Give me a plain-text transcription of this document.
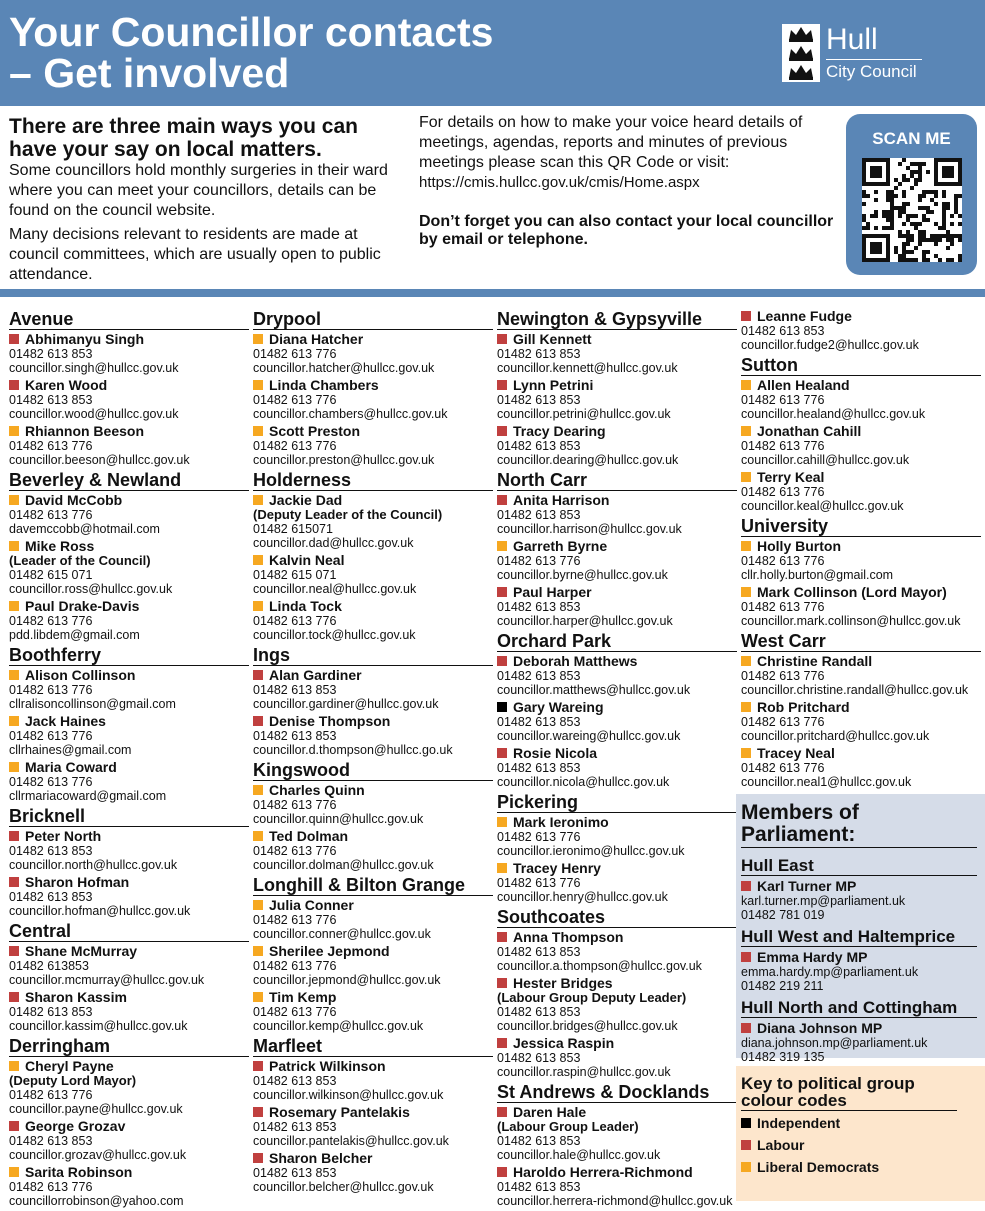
Your Councillor contacts
– Get involved
Hull
City Council
There are three main ways you can have your say on local matters.

Some councillors hold monthly surgeries in their ward where you can meet your councillors, details can be found on the council website.

Many decisions relevant to residents are made at council committees, which are usually open to public attendance.

For details on how to make your voice heard details of meetings, agendas, reports and minutes of previous meetings please scan this QR Code or visit:

https://cmis.hullcc.gov.uk/cmis/Home.aspx

Don’t forget you can also contact your local councillor by email or telephone.

SCAN ME
Avenue
Abhimanyu Singh
01482 613 853
councillor.singh@hullcc.gov.uk
Karen Wood
01482 613 853
councillor.wood@hullcc.gov.uk
Rhiannon Beeson
01482 613 776
councillor.beeson@hullcc.gov.uk
Beverley & Newland
David McCobb
01482 613 776
davemccobb@hotmail.com
Mike Ross
(Leader of the Council)
01482 615 071
councillor.ross@hullcc.gov.uk
Paul Drake-Davis
01482 613 776
pdd.libdem@gmail.com
Boothferry
Alison Collinson
01482 613 776
cllralisoncollinson@gmail.com
Jack Haines
01482 613 776
cllrhaines@gmail.com
Maria Coward
01482 613 776
cllrmariacoward@gmail.com
Bricknell
Peter North
01482 613 853
councillor.north@hullcc.gov.uk
Sharon Hofman
01482 613 853
councillor.hofman@hullcc.gov.uk
Central
Shane McMurray
01482 613853
councillor.mcmurray@hullcc.gov.uk
Sharon Kassim
01482 613 853
councillor.kassim@hullcc.gov.uk
Derringham
Cheryl Payne
(Deputy Lord Mayor)
01482 613 776
councillor.payne@hullcc.gov.uk
George Grozav
01482 613 853
councillor.grozav@hullcc.gov.uk
Sarita Robinson
01482 613 776
councillorrobinson@yahoo.com
Drypool
Diana Hatcher
01482 613 776
councillor.hatcher@hullcc.gov.uk
Linda Chambers
01482 613 776
councillor.chambers@hullcc.gov.uk
Scott Preston
01482 613 776
councillor.preston@hullcc.gov.uk
Holderness
Jackie Dad
(Deputy Leader of the Council)
01482 615071
councillor.dad@hullcc.gov.uk
Kalvin Neal
01482 615 071
councillor.neal@hullcc.gov.uk
Linda Tock
01482 613 776
councillor.tock@hullcc.gov.uk
Ings
Alan Gardiner
01482 613 853
councillor.gardiner@hullcc.gov.uk
Denise Thompson
01482 613 853
councillor.d.thompson@hullcc.go.uk
Kingswood
Charles Quinn
01482 613 776
councillor.quinn@hullcc.gov.uk
Ted Dolman
01482 613 776
councillor.dolman@hullcc.gov.uk
Longhill & Bilton Grange
Julia Conner
01482 613 776
councillor.conner@hullcc.gov.uk
Sherilee Jepmond
01482 613 776
councillor.jepmond@hullcc.gov.uk
Tim Kemp
01482 613 776
councillor.kemp@hullcc.gov.uk
Marfleet
Patrick Wilkinson
01482 613 853
councillor.wilkinson@hullcc.gov.uk
Rosemary Pantelakis
01482 613 853
councillor.pantelakis@hullcc.gov.uk
Sharon Belcher
01482 613 853
councillor.belcher@hullcc.gov.uk
Newington & Gypsyville
Gill Kennett
01482 613 853
councillor.kennett@hullcc.gov.uk
Lynn Petrini
01482 613 853
councillor.petrini@hullcc.gov.uk
Tracy Dearing
01482 613 853
councillor.dearing@hullcc.gov.uk
North Carr
Anita Harrison
01482 613 853
councillor.harrison@hullcc.gov.uk
Garreth Byrne
01482 613 776
councillor.byrne@hullcc.gov.uk
Paul Harper
01482 613 853
councillor.harper@hullcc.gov.uk
Orchard Park
Deborah Matthews
01482 613 853
councillor.matthews@hullcc.gov.uk
Gary Wareing
01482 613 853
councillor.wareing@hullcc.gov.uk
Rosie Nicola
01482 613 853
councillor.nicola@hullcc.gov.uk
Pickering
Mark Ieronimo
01482 613 776
councillor.ieronimo@hullcc.gov.uk
Tracey Henry
01482 613 776
councillor.henry@hullcc.gov.uk
Southcoates
Anna Thompson
01482 613 853
councillor.a.thompson@hullcc.gov.uk
Hester Bridges
(Labour Group Deputy Leader)
01482 613 853
councillor.bridges@hullcc.gov.uk
Jessica Raspin
01482 613 853
councillor.raspin@hullcc.gov.uk
St Andrews & Docklands
Daren Hale
(Labour Group Leader)
01482 613 853
councillor.hale@hullcc.gov.uk
Haroldo Herrera-Richmond
01482 613 853
councillor.herrera-richmond@hullcc.gov.uk
Leanne Fudge
01482 613 853
councillor.fudge2@hullcc.gov.uk
Sutton
Allen Healand
01482 613 776
councillor.healand@hullcc.gov.uk
Jonathan Cahill
01482 613 776
councillor.cahill@hullcc.gov.uk
Terry Keal
01482 613 776
councillor.keal@hullcc.gov.uk
University
Holly Burton
01482 613 776
cllr.holly.burton@gmail.com
Mark Collinson (Lord Mayor)
01482 613 776
councillor.mark.collinson@hullcc.gov.uk
West Carr
Christine Randall
01482 613 776
councillor.christine.randall@hullcc.gov.uk
Rob Pritchard
01482 613 776
councillor.pritchard@hullcc.gov.uk
Tracey Neal
01482 613 776
councillor.neal1@hullcc.gov.uk
Members of Parliament:
Hull East
Karl Turner MP
karl.turner.mp@parliament.uk
01482 781 019
Hull West and Haltemprice
Emma Hardy MP
emma.hardy.mp@parliament.uk
01482 219 211
Hull North and Cottingham
Diana Johnson MP
diana.johnson.mp@parliament.uk
01482 319 135
Key to political group colour codes
Independent
Labour
Liberal Democrats
